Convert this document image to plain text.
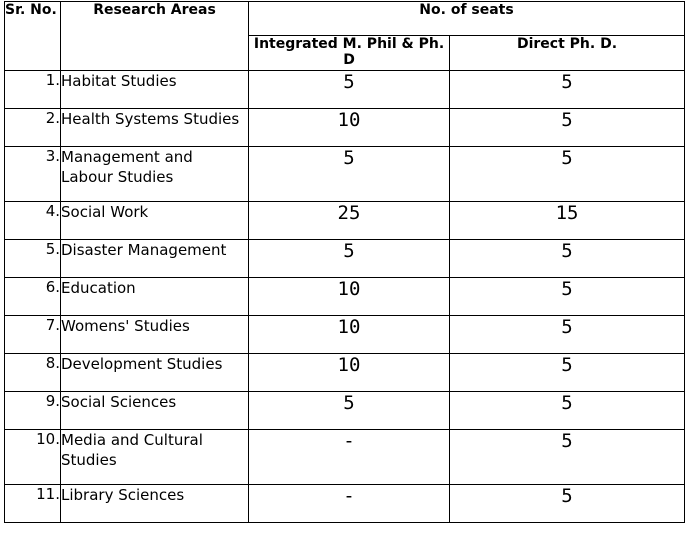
Sr. No.	Research Areas	No. of seats	
		Integrated M. Phil & Ph. D	Direct Ph. D.
1.	Habitat Studies	5	5
2.	Health Systems Studies	10	5
3.	Management and Labour Studies	5	5
4.	Social Work	25	15
5.	Disaster Management	5	5
6.	Education	10	5
7.	Womens' Studies	10	5
8.	Development Studies	10	5
9.	Social Sciences	5	5
10.	Media and Cultural Studies	-	5
11.	Library Sciences	-	5
